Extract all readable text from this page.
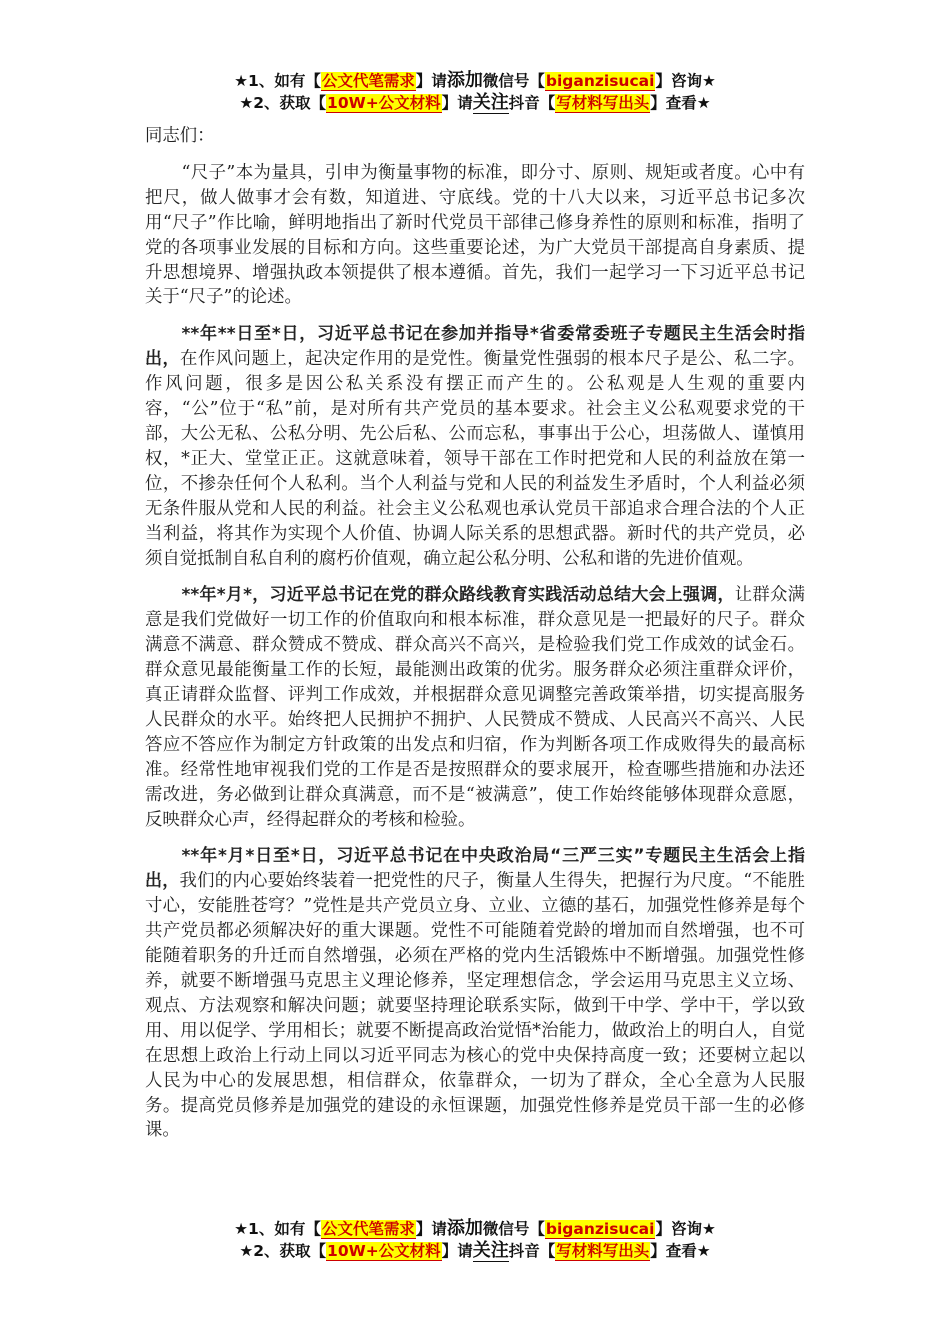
★1、如有【公文代笔需求】请添加微信号【biganzisucai】咨询★
★2、获取【10W+公文材料】请关注抖音【写材料写出头】查看★

同志们：

“尺子”本为量具，引申为衡量事物的标准，即分寸、原则、规矩或者度。心中有把尺，做人做事才会有数，知道进、守底线。党的十八大以来，习近平总书记多次用“尺子”作比喻，鲜明地指出了新时代党员干部律己修身养性的原则和标准，指明了党的各项事业发展的目标和方向。这些重要论述，为广大党员干部提高自身素质、提升思想境界、增强执政本领提供了根本遵循。首先，我们一起学习一下习近平总书记关于“尺子”的论述。

**年**日至*日，习近平总书记在参加并指导*省委常委班子专题民主生活会时指出，在作风问题上，起决定作用的是党性。衡量党性强弱的根本尺子是公、私二字。作风问题，很多是因公私关系没有摆正而产生的。公私观是人生观的重要内容，“公”位于“私”前，是对所有共产党员的基本要求。社会主义公私观要求党的干部，大公无私、公私分明、先公后私、公而忘私，事事出于公心，坦荡做人、谨慎用权，*正大、堂堂正正。这就意味着，领导干部在工作时把党和人民的利益放在第一位，不掺杂任何个人私利。当个人利益与党和人民的利益发生矛盾时，个人利益必须无条件服从党和人民的利益。社会主义公私观也承认党员干部追求合理合法的个人正当利益，将其作为实现个人价值、协调人际关系的思想武器。新时代的共产党员，必须自觉抵制自私自利的腐朽价值观，确立起公私分明、公私和谐的先进价值观。

**年*月*，习近平总书记在党的群众路线教育实践活动总结大会上强调，让群众满意是我们党做好一切工作的价值取向和根本标准，群众意见是一把最好的尺子。群众满意不满意、群众赞成不赞成、群众高兴不高兴，是检验我们党工作成效的试金石。群众意见最能衡量工作的长短，最能测出政策的优劣。服务群众必须注重群众评价，真正请群众监督、评判工作成效，并根据群众意见调整完善政策举措，切实提高服务人民群众的水平。始终把人民拥护不拥护、人民赞成不赞成、人民高兴不高兴、人民答应不答应作为制定方针政策的出发点和归宿，作为判断各项工作成败得失的最高标准。经常性地审视我们党的工作是否是按照群众的要求展开，检查哪些措施和办法还需改进，务必做到让群众真满意，而不是“被满意”，使工作始终能够体现群众意愿，反映群众心声，经得起群众的考核和检验。

**年*月*日至*日，习近平总书记在中央政治局“三严三实”专题民主生活会上指出，我们的内心要始终装着一把党性的尺子，衡量人生得失，把握行为尺度。“不能胜寸心，安能胜苍穹？”党性是共产党员立身、立业、立德的基石，加强党性修养是每个共产党员都必须解决好的重大课题。党性不可能随着党龄的增加而自然增强，也不可能随着职务的升迁而自然增强，必须在严格的党内生活锻炼中不断增强。加强党性修养，就要不断增强马克思主义理论修养，坚定理想信念，学会运用马克思主义立场、观点、方法观察和解决问题；就要坚持理论联系实际，做到干中学、学中干，学以致用、用以促学、学用相长；就要不断提高政治觉悟*治能力，做政治上的明白人，自觉在思想上政治上行动上同以习近平同志为核心的党中央保持高度一致；还要树立起以人民为中心的发展思想，相信群众，依靠群众，一切为了群众，全心全意为人民服务。提高党员修养是加强党的建设的永恒课题，加强党性修养是党员干部一生的必修课。

★1、如有【公文代笔需求】请添加微信号【biganzisucai】咨询★
★2、获取【10W+公文材料】请关注抖音【写材料写出头】查看★
